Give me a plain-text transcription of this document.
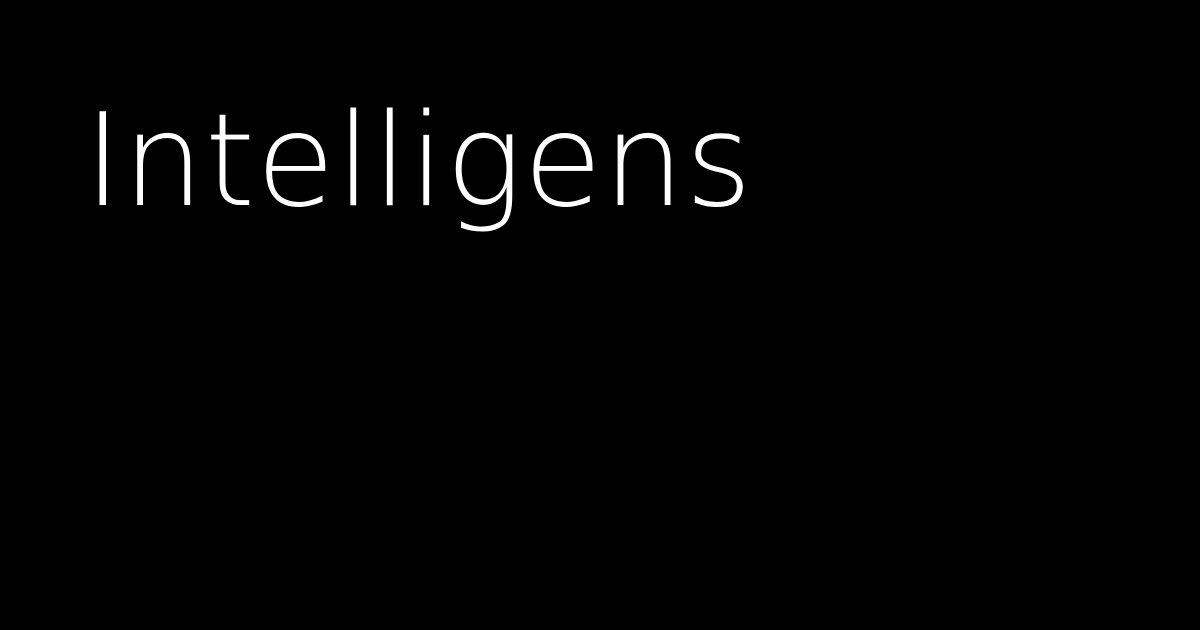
Intelligens
